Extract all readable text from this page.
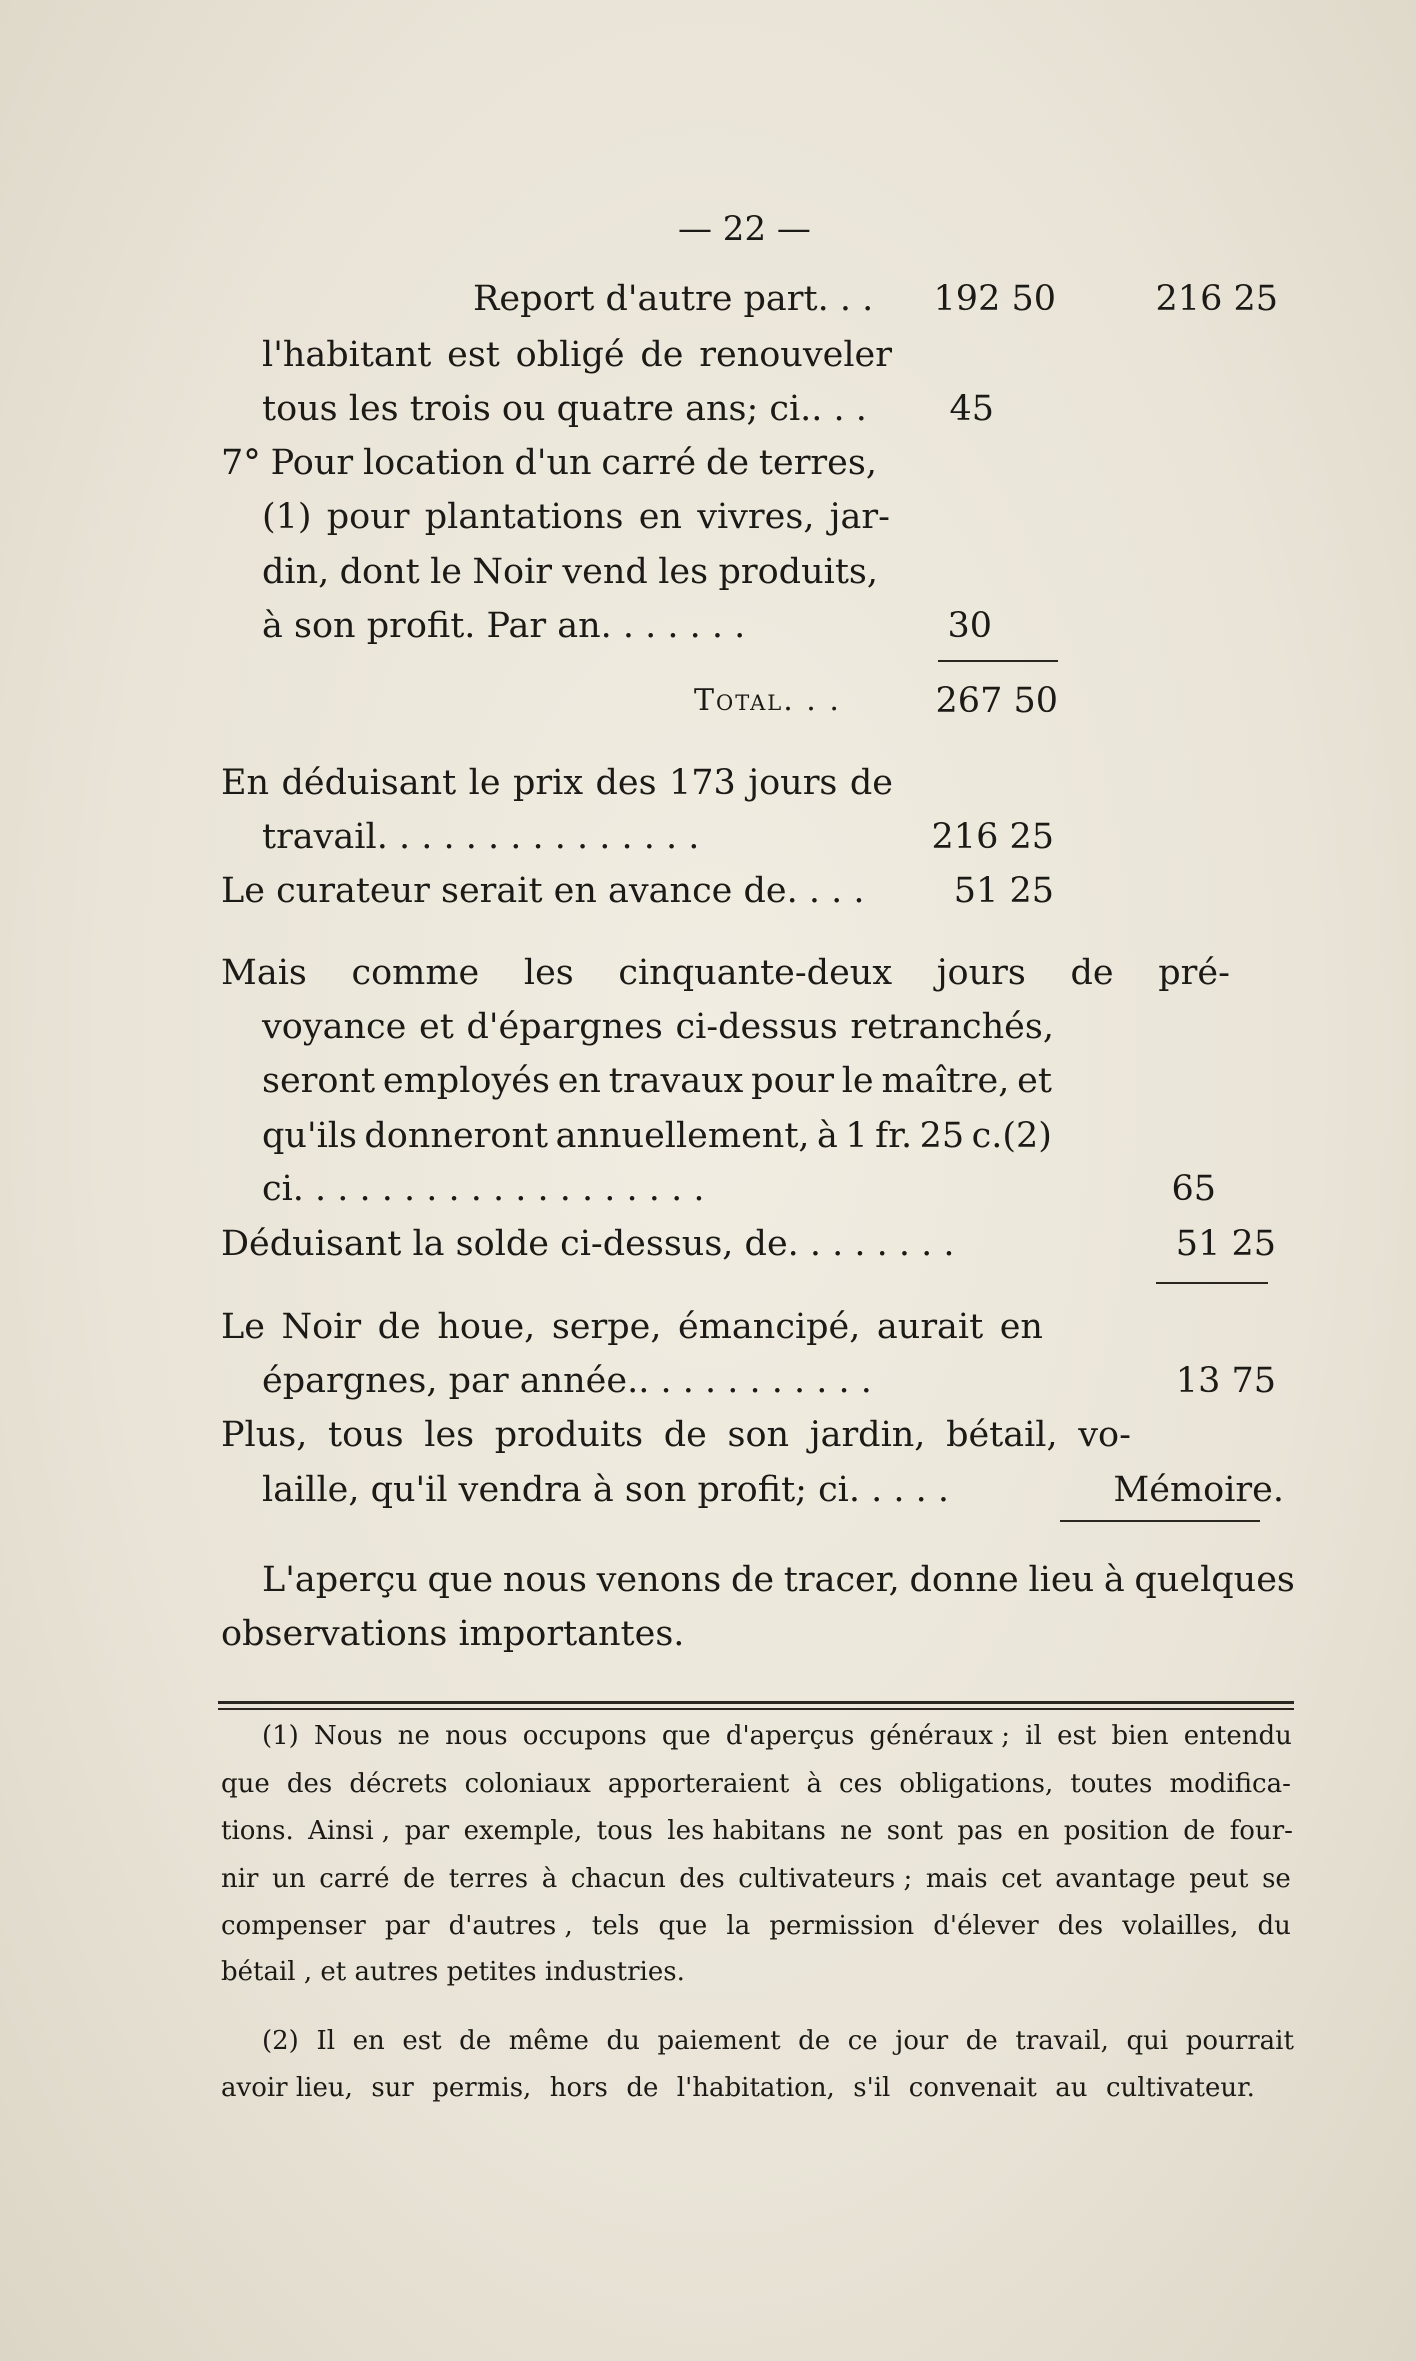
— 22 —
Report d'autre part. . . 192 50	216 25
l'habitant est obligé de renouveler
tous les trois ou quatre ans; ci.. . . 45
7° Pour location d'un carré de terres,
(1) pour plantations en vivres, jar-
din, dont le Noir vend les produits,
à son profit. Par an. . . . . . .	30
Total. . .	267 50
En déduisant le prix des 173 jours de
travail. . . . . . . . . . . . . . .	216 25
Le curateur serait en avance de. . . .	51 25
Mais comme les cinquante-deux jours de pré-
voyance et d'épargnes ci-dessus retranchés,
seront employés en travaux pour le maître, et
qu'ils donneront annuellement, à 1 fr. 25 c.(2)
ci. . . . . . . . . . . . . . . . . . .	65
Déduisant la solde ci-dessus, de. . . . . . . .	51 25
Le Noir de houe, serpe, émancipé, aurait en
épargnes, par année.. . . . . . . . . . .	13 75
Plus, tous les produits de son jardin, bétail, vo-
laille, qu'il vendra à son profit; ci. . . . .	Mémoire.
L'aperçu que nous venons de tracer, donne lieu à quelques
observations importantes.
(1) Nous ne nous occupons que d'aperçus généraux ; il est bien entendu
que des décrets coloniaux apporteraient à ces obligations, toutes modifica-
tions. Ainsi , par exemple, tous les habitans ne sont pas en position de four-
nir un carré de terres à chacun des cultivateurs ; mais cet avantage peut se
compenser par d'autres , tels que la permission d'élever des volailles, du
bétail , et autres petites industries.
(2) Il en est de même du paiement de ce jour de travail, qui pourrait
avoir lieu, sur permis, hors de l'habitation, s'il convenait au cultivateur.
